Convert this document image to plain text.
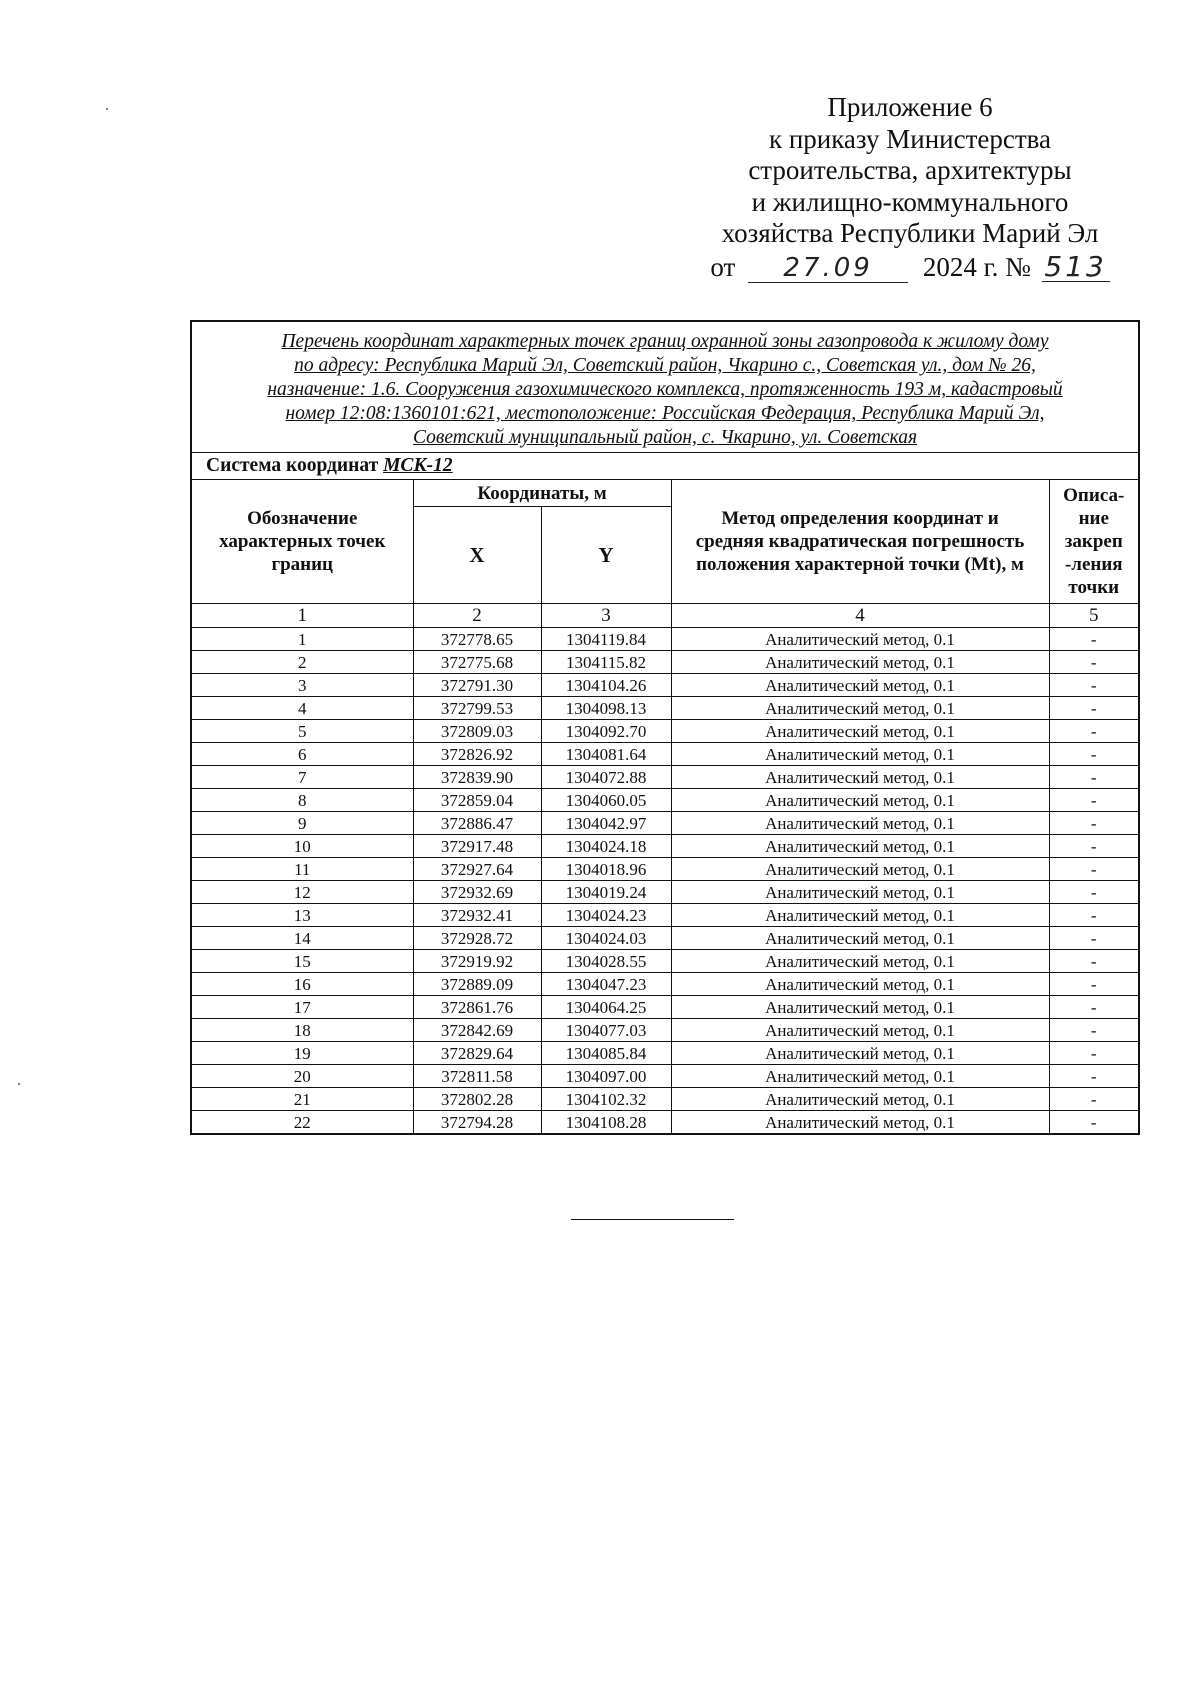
Приложение 6
к приказу Министерства
строительства, архитектуры
и жилищно-коммунального
хозяйства Республики Марий Эл
от 27.09 2024 г. № 513
Перечень координат характерных точек границ охранной зоны газопровода к жилому дому
по адресу: Республика Марий Эл, Советский район, Чкарино с., Советская ул., дом № 26,
назначение: 1.6. Сооружения газохимического комплекса, протяженность 193 м, кадастровый
номер 12:08:1360101:621, местоположение: Российская Федерация, Республика Марий Эл,
Советский муниципальный район, с. Чкарино, ул. Советская				

Система координат МСК-12				
Обозначение характерных точек границ	Координаты, м		Метод определения координат и средняя квадратическая погрешность положения характерной точки (Mt), м	Описа-ние закреп-ления точки

	X	Y		
1	2	3	4	5
1	372778.65	1304119.84	Аналитический метод, 0.1	-
2	372775.68	1304115.82	Аналитический метод, 0.1	-
3	372791.30	1304104.26	Аналитический метод, 0.1	-
4	372799.53	1304098.13	Аналитический метод, 0.1	-
5	372809.03	1304092.70	Аналитический метод, 0.1	-
6	372826.92	1304081.64	Аналитический метод, 0.1	-
7	372839.90	1304072.88	Аналитический метод, 0.1	-
8	372859.04	1304060.05	Аналитический метод, 0.1	-
9	372886.47	1304042.97	Аналитический метод, 0.1	-
10	372917.48	1304024.18	Аналитический метод, 0.1	-
11	372927.64	1304018.96	Аналитический метод, 0.1	-
12	372932.69	1304019.24	Аналитический метод, 0.1	-
13	372932.41	1304024.23	Аналитический метод, 0.1	-
14	372928.72	1304024.03	Аналитический метод, 0.1	-
15	372919.92	1304028.55	Аналитический метод, 0.1	-
16	372889.09	1304047.23	Аналитический метод, 0.1	-
17	372861.76	1304064.25	Аналитический метод, 0.1	-
18	372842.69	1304077.03	Аналитический метод, 0.1	-
19	372829.64	1304085.84	Аналитический метод, 0.1	-
20	372811.58	1304097.00	Аналитический метод, 0.1	-
21	372802.28	1304102.32	Аналитический метод, 0.1	-
22	372794.28	1304108.28	Аналитический метод, 0.1	-
